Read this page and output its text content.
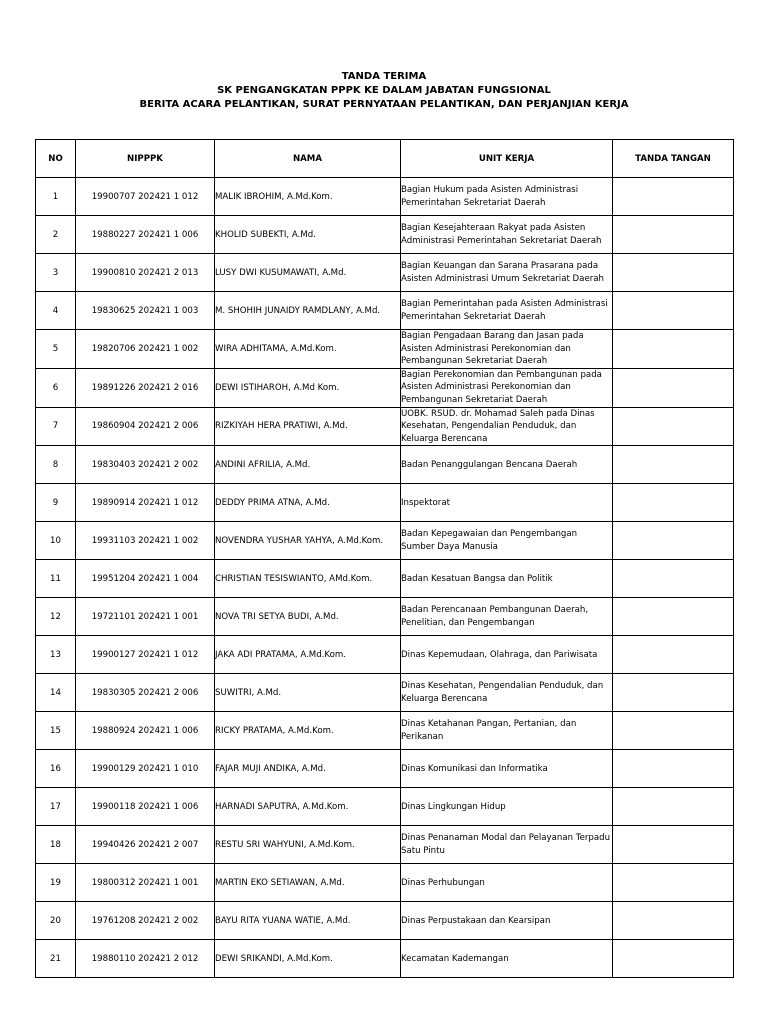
TANDA TERIMA
SK PENGANGKATAN PPPK KE DALAM JABATAN FUNGSIONAL
BERITA ACARA PELANTIKAN, SURAT PERNYATAAN PELANTIKAN, DAN PERJANJIAN KERJA
NO	NIPPPK	NAMA	UNIT KERJA	TANDA TANGAN
1	19900707 202421 1 012	MALIK IBROHIM, A.Md.Kom.	Bagian Hukum pada Asisten Administrasi Pemerintahan Sekretariat Daerah	
2	19880227 202421 1 006	KHOLID SUBEKTI, A.Md.	Bagian Kesejahteraan Rakyat pada Asisten Administrasi Pemerintahan Sekretariat Daerah	
3	19900810 202421 2 013	LUSY DWI KUSUMAWATI, A.Md.	Bagian Keuangan dan Sarana Prasarana pada Asisten Administrasi Umum Sekretariat Daerah	
4	19830625 202421 1 003	M. SHOHIH JUNAIDY RAMDLANY, A.Md.	Bagian Pemerintahan pada Asisten Administrasi Pemerintahan Sekretariat Daerah	
5	19820706 202421 1 002	WIRA ADHITAMA, A.Md.Kom.	Bagian Pengadaan Barang dan Jasan pada Asisten Administrasi Perekonomian dan Pembangunan Sekretariat Daerah	
6	19891226 202421 2 016	DEWI ISTIHAROH, A.Md Kom.	Bagian Perekonomian dan Pembangunan pada Asisten Administrasi Perekonomian dan Pembangunan Sekretariat Daerah	
7	19860904 202421 2 006	RIZKIYAH HERA PRATIWI, A.Md.	UOBK. RSUD. dr. Mohamad Saleh pada Dinas Kesehatan, Pengendalian Penduduk, dan Keluarga Berencana	
8	19830403 202421 2 002	ANDINI AFRILIA, A.Md.	Badan Penanggulangan Bencana Daerah	
9	19890914 202421 1 012	DEDDY PRIMA ATNA, A.Md.	Inspektorat	
10	19931103 202421 1 002	NOVENDRA YUSHAR YAHYA, A.Md.Kom.	Badan Kepegawaian dan Pengembangan Sumber Daya Manusia	
11	19951204 202421 1 004	CHRISTIAN TESISWIANTO, AMd.Kom.	Badan Kesatuan Bangsa dan Politik	
12	19721101 202421 1 001	NOVA TRI SETYA BUDI, A.Md.	Badan Perencanaan Pembangunan Daerah, Penelitian, dan Pengembangan	
13	19900127 202421 1 012	JAKA ADI PRATAMA, A.Md.Kom.	Dinas Kepemudaan, Olahraga, dan Pariwisata	
14	19830305 202421 2 006	SUWITRI, A.Md.	Dinas Kesehatan, Pengendalian Penduduk, dan Keluarga Berencana	
15	19880924 202421 1 006	RICKY PRATAMA, A.Md.Kom.	Dinas Ketahanan Pangan, Pertanian, dan Perikanan	
16	19900129 202421 1 010	FAJAR MUJI ANDIKA, A.Md.	Dinas Komunikasi dan Informatika	
17	19900118 202421 1 006	HARNADI SAPUTRA, A.Md.Kom.	Dinas Lingkungan Hidup	
18	19940426 202421 2 007	RESTU SRI WAHYUNI, A.Md.Kom.	Dinas Penanaman Modal dan Pelayanan Terpadu Satu Pintu	
19	19800312 202421 1 001	MARTIN EKO SETIAWAN, A.Md.	Dinas Perhubungan	
20	19761208 202421 2 002	BAYU RITA YUANA WATIE, A.Md.	Dinas Perpustakaan dan Kearsipan	
21	19880110 202421 2 012	DEWI SRIKANDI, A.Md.Kom.	Kecamatan Kademangan	
